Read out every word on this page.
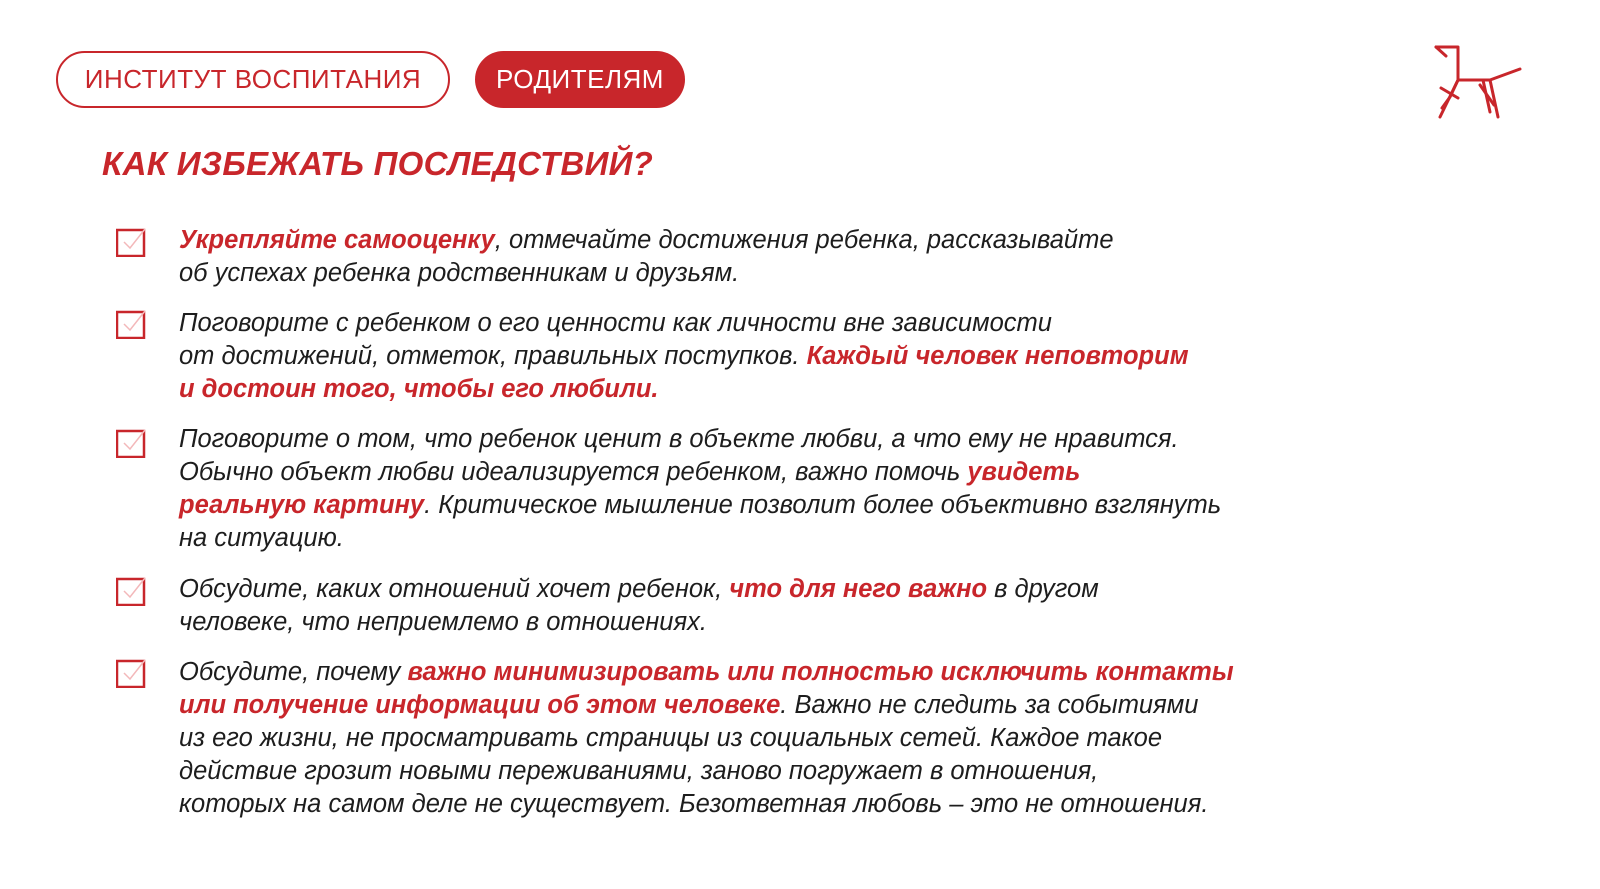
ИНСТИТУТ ВОСПИТАНИЯ	РОДИТЕЛЯМ
КАК ИЗБЕЖАТЬ ПОСЛЕДСТВИЙ?

Укрепляйте самооценку, отмечайте достижения ребенка, рассказывайте
об успехах ребенка родственникам и друзьям.

Поговорите с ребенком о его ценности как личности вне зависимости
от достижений, отметок, правильных поступков. Каждый человек неповторим
и достоин того, чтобы его любили.

Поговорите о том, что ребенок ценит в объекте любви, а что ему не нравится.
Обычно объект любви идеализируется ребенком, важно помочь увидеть
реальную картину. Критическое мышление позволит более объективно взглянуть
на ситуацию.

Обсудите, каких отношений хочет ребенок, что для него важно в другом
человеке, что неприемлемо в отношениях.

Обсудите, почему важно минимизировать или полностью исключить контакты
или получение информации об этом человеке. Важно не следить за событиями
из его жизни, не просматривать страницы из социальных сетей. Каждое такое
действие грозит новыми переживаниями, заново погружает в отношения,
которых на самом деле не существует. Безответная любовь – это не отношения.
